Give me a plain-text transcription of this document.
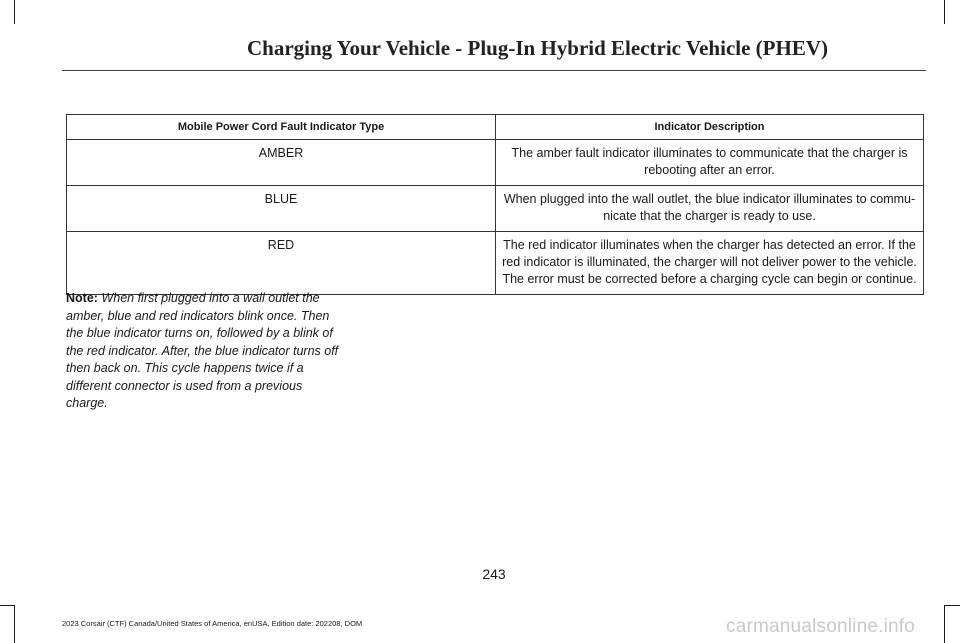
Charging Your Vehicle - Plug-In Hybrid Electric Vehicle (PHEV)
Mobile Power Cord Fault Indicator Type	Indicator Description
AMBER	The amber fault indicator illuminates to communicate that the charger is rebooting after an error.
BLUE	When plugged into the wall outlet, the blue indicator illuminates to commu-nicate that the charger is ready to use.
RED	The red indicator illuminates when the charger has detected an error. If the red indicator is illuminated, the charger will not deliver power to the vehicle. The error must be corrected before a charging cycle can begin or continue.
Note: When first plugged into a wall outlet the amber, blue and red indicators blink once. Then the blue indicator turns on, followed by a blink of the red indicator. After, the blue indicator turns off then back on. This cycle happens twice if a different connector is used from a previous charge.
243
2023 Corsair (CTF) Canada/United States of America, enUSA, Edition date: 202208, DOM	carmanualsonline.info
